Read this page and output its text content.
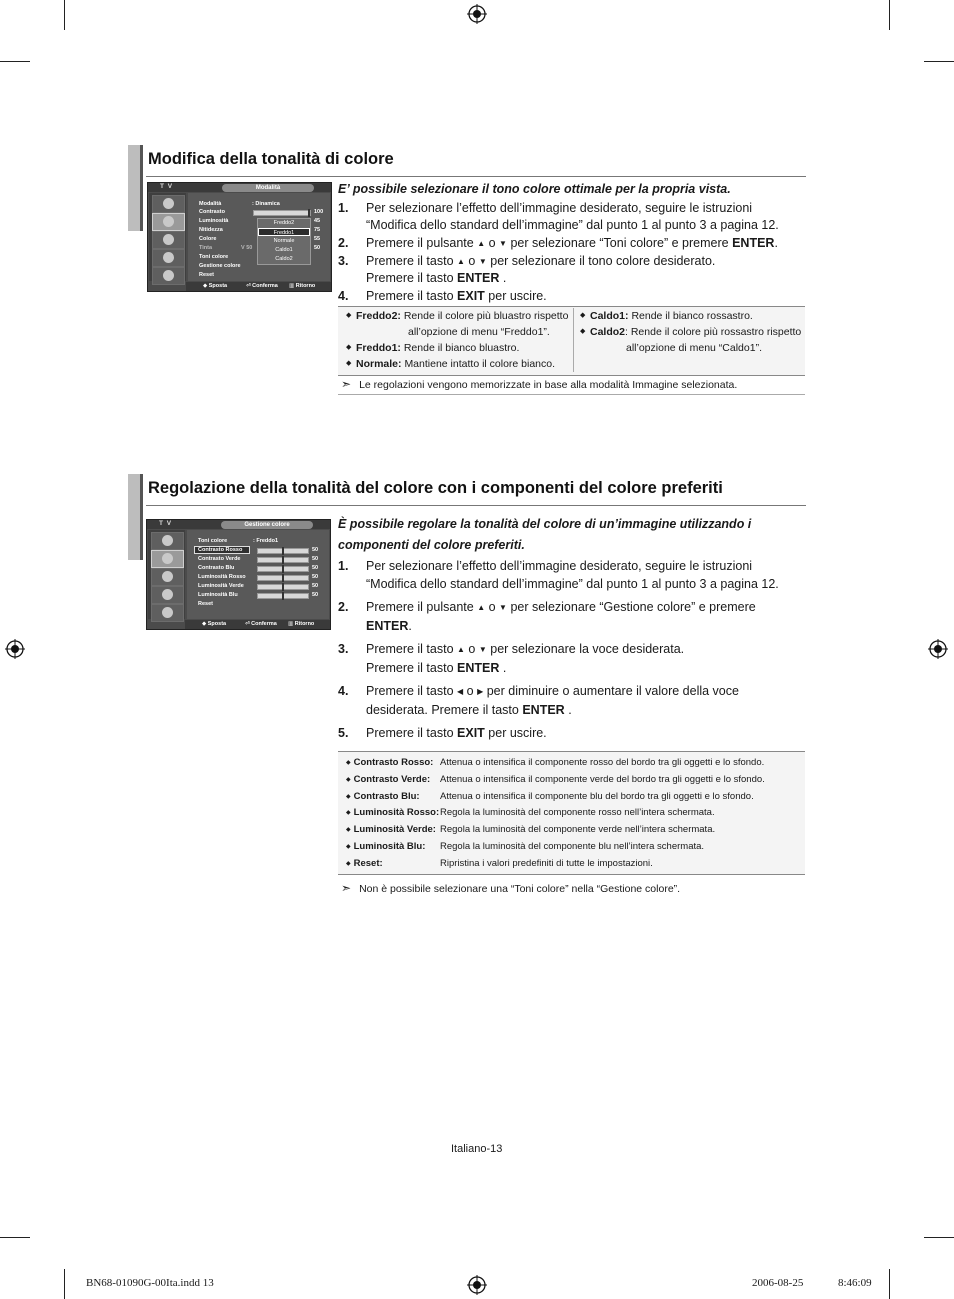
Modifica della tonalità di colore
T V	Modalità
Modalità	: Dinamica
Contrasto	100
Luminosità	45
Nitidezza	75
Colore	55
Tinta	V 50	50
Toni colore
Gestione colore
Reset
Freddo2
Freddo1
Normale
Caldo1
Caldo2
◆ Sposta	⏎ Conferma ▥ Ritorno
E’ possibile selezionare il tono colore ottimale per la propria vista.
1. Per selezionare l’effetto dell’immagine desiderato, seguire le istruzioni “Modifica dello standard dell’immagine” dal punto 1 al punto 3 a pagina 12.
2. Premere il pulsante ▲ o ▼ per selezionare “Toni colore” e premere ENTER.
3. Premere il tasto ▲ o ▼ per selezionare il tono colore desiderato.
Premere il tasto ENTER .
4. Premere il tasto EXIT per uscire.
◆ Freddo2: Rende il colore più bluastro rispetto
all’opzione di menu “Freddo1”.
◆ Freddo1: Rende il bianco bluastro.
◆ Normale: Mantiene intatto il colore bianco.
◆ Caldo1: Rende il bianco rossastro.
◆ Caldo2: Rende il colore più rossastro rispetto
all’opzione di menu “Caldo1”.
➣ Le regolazioni vengono memorizzate in base alla modalità Immagine selezionata.
Regolazione della tonalità del colore con i componenti del colore preferiti
T V	Gestione colore
Toni colore	: Freddo1
Contrasto Rosso	50
Contrasto Verde	50
Contrasto Blu	50
Luminosità Rosso	50
Luminosità Verde	50
Luminosità Blu	50
Reset
◆ Sposta	⏎ Conferma ▥ Ritorno
È possibile regolare la tonalità del colore di un’immagine utilizzando i componenti del colore preferiti.
1. Per selezionare l’effetto dell’immagine desiderato, seguire le istruzioni “Modifica dello standard dell’immagine” dal punto 1 al punto 3 a pagina 12.
2. Premere il pulsante ▲ o ▼ per selezionare “Gestione colore” e premere
ENTER.
3. Premere il tasto ▲ o ▼ per selezionare la voce desiderata.
Premere il tasto ENTER .
4. Premere il tasto ◀ o ▶ per diminuire o aumentare il valore della voce
desiderata. Premere il tasto ENTER .
5. Premere il tasto EXIT per uscire.
◆ Contrasto Rosso:	Attenua o intensifica il componente rosso del bordo tra gli oggetti e lo sfondo.
◆ Contrasto Verde:	Attenua o intensifica il componente verde del bordo tra gli oggetti e lo sfondo.
◆ Contrasto Blu:	Attenua o intensifica il componente blu del bordo tra gli oggetti e lo sfondo.
◆ Luminosità Rosso:	Regola la luminosità del componente rosso nell’intera schermata.
◆ Luminosità Verde:	Regola la luminosità del componente verde nell’intera schermata.
◆ Luminosità Blu:	Regola la luminosità del componente blu nell’intera schermata.
◆ Reset:	Ripristina i valori predefiniti di tutte le impostazioni.
➣ Non è possibile selezionare una “Toni colore” nella “Gestione colore”.
Italiano-13
BN68-01090G-00Ita.indd 13	2006-08-25	8:46:09
